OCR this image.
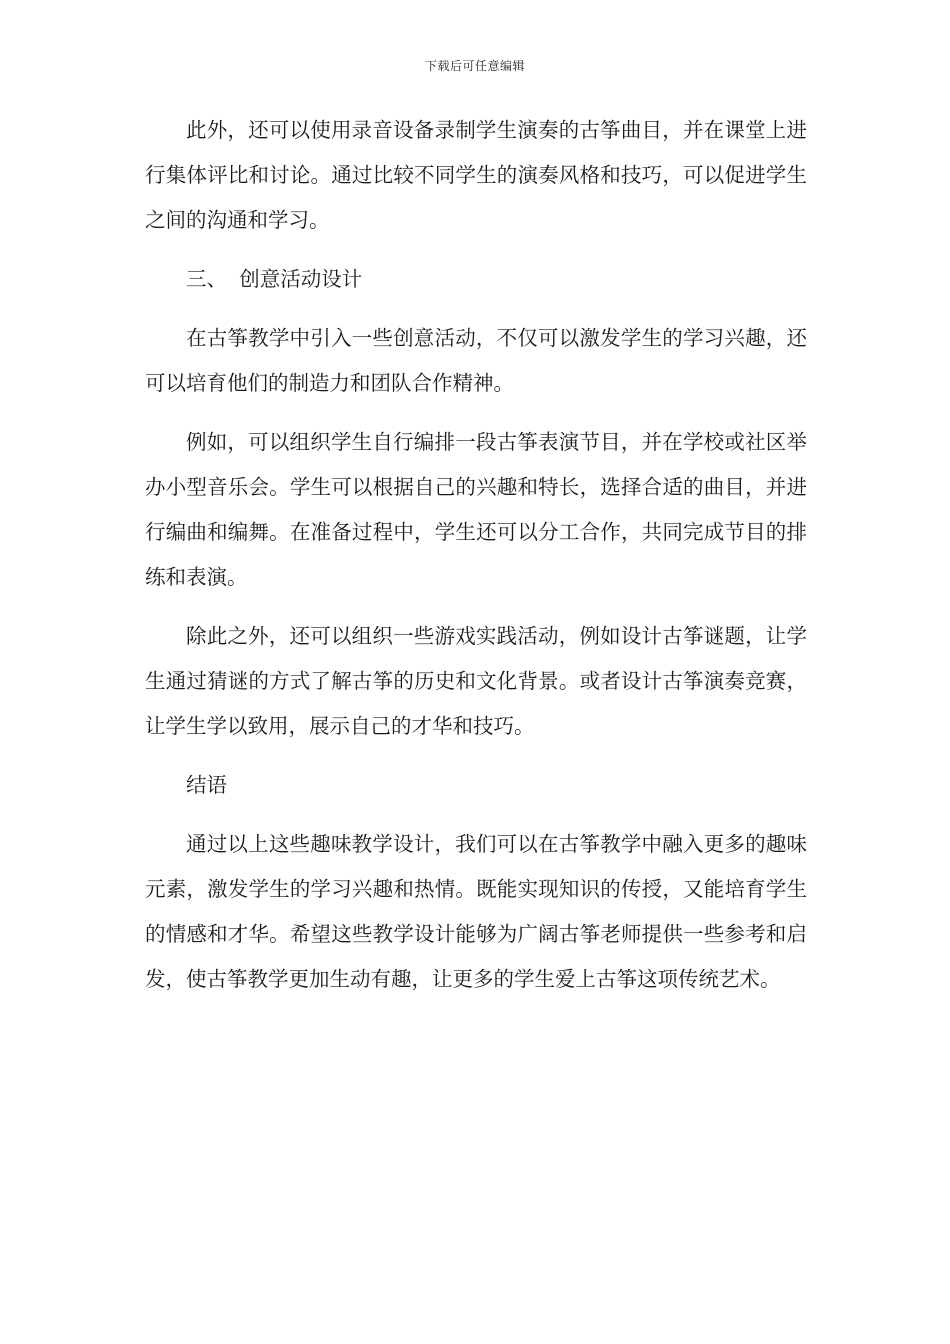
下载后可任意编辑

此外，还可以使用录音设备录制学生演奏的古筝曲目，并在课堂上进行集体评比和讨论。通过比较不同学生的演奏风格和技巧，可以促进学生之间的沟通和学习。

三、 创意活动设计

在古筝教学中引入一些创意活动，不仅可以激发学生的学习兴趣，还可以培育他们的制造力和团队合作精神。

例如，可以组织学生自行编排一段古筝表演节目，并在学校或社区举办小型音乐会。学生可以根据自己的兴趣和特长，选择合适的曲目，并进行编曲和编舞。在准备过程中，学生还可以分工合作，共同完成节目的排练和表演。

除此之外，还可以组织一些游戏实践活动，例如设计古筝谜题，让学生通过猜谜的方式了解古筝的历史和文化背景。或者设计古筝演奏竞赛，让学生学以致用，展示自己的才华和技巧。

结语

通过以上这些趣味教学设计，我们可以在古筝教学中融入更多的趣味元素，激发学生的学习兴趣和热情。既能实现知识的传授，又能培育学生的情感和才华。希望这些教学设计能够为广阔古筝老师提供一些参考和启发，使古筝教学更加生动有趣，让更多的学生爱上古筝这项传统艺术。
